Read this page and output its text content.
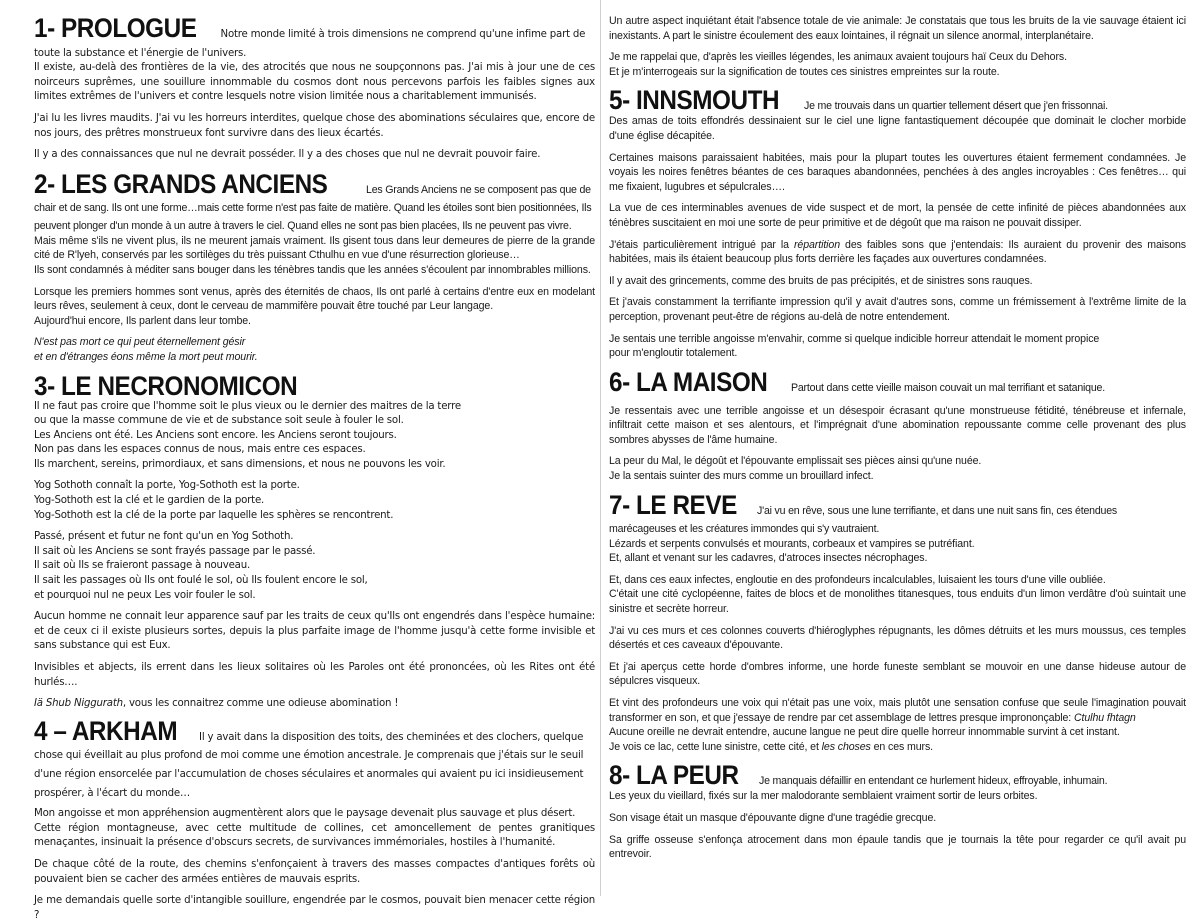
1- PROLOGUE Notre monde limité à trois dimensions ne comprend qu'une infime part de toute la substance et l'énergie de l'univers.

Il existe, au-delà des frontières de la vie, des atrocités que nous ne soupçonnons pas. J'ai mis à jour une de ces noirceurs suprêmes, une souillure innommable du cosmos dont nous percevons parfois les faibles signes aux limites extrêmes de l'univers et contre lesquels notre vision limitée nous a charitablement immunisés.

J'ai lu les livres maudits. J'ai vu les horreurs interdites, quelque chose des abominations séculaires que, encore de nos jours, des prêtres monstrueux font survivre dans des lieux écartés.

Il y a des connaissances que nul ne devrait posséder. Il y a des choses que nul ne devrait pouvoir faire.

2- LES GRANDS ANCIENS	Les Grands Anciens ne se composent pas que de chair et de sang. Ils ont une forme…mais cette forme n'est pas faite de matière. Quand les étoiles sont bien positionnées, Ils peuvent plonger d'un monde à un autre à travers le ciel. Quand elles ne sont pas bien placées, Ils ne peuvent pas vivre.

Mais même s'ils ne vivent plus, ils ne meurent jamais vraiment. Ils gisent tous dans leur demeures de pierre de la grande cité de R'lyeh, conservés par les sortilèges du très puissant Cthulhu en vue d'une résurrection glorieuse…

Ils sont condamnés à méditer sans bouger dans les ténèbres tandis que les années s'écoulent par innombrables millions.

Lorsque les premiers hommes sont venus, après des éternités de chaos, Ils ont parlé à certains d'entre eux en modelant leurs rêves, seulement à ceux, dont le cerveau de mammifère pouvait être touché par Leur langage.

Aujourd'hui encore, Ils parlent dans leur tombe.

N'est pas mort ce qui peut éternellement gésir

et en d'étranges éons même la mort peut mourir.

3- LE NECRONOMICON

Il ne faut pas croire que l'homme soit le plus vieux ou le dernier des maitres de la terre
ou que la masse commune de vie et de substance soit seule à fouler le sol.
Les Anciens ont été. Les Anciens sont encore. les Anciens seront toujours.
Non pas dans les espaces connus de nous, mais entre ces espaces.
Ils marchent, sereins, primordiaux, et sans dimensions, et nous ne pouvons les voir.

Yog Sothoth connaît la porte, Yog-Sothoth est la porte.
Yog-Sothoth est la clé et le gardien de la porte.
Yog-Sothoth est la clé de la porte par laquelle les sphères se rencontrent.

Passé, présent et futur ne font qu'un en Yog Sothoth.
Il sait où les Anciens se sont frayés passage par le passé.
Il sait où Ils se fraieront passage à nouveau.
Il sait les passages où Ils ont foulé le sol, où Ils foulent encore le sol,
et pourquoi nul ne peux Les voir fouler le sol.

Aucun homme ne connait leur apparence sauf par les traits de ceux qu'Ils ont engendrés dans l'espèce humaine: et de ceux ci il existe plusieurs sortes, depuis la plus parfaite image de l'homme jusqu'à cette forme invisible et sans substance qui est Eux.

Invisibles et abjects, ils errent dans les lieux solitaires où les Paroles ont été prononcées, où les Rites ont été hurlés….

Iä Shub Niggurath, vous les connaitrez comme une odieuse abomination !

4 – ARKHAM Il y avait dans la disposition des toits, des cheminées et des clochers, quelque chose qui éveillait au plus profond de moi comme une émotion ancestrale. Je comprenais que j'étais sur le seuil d'une région ensorcelée par l'accumulation de choses séculaires et anormales qui avaient pu ici insidieusement prospérer, à l'écart du monde…

Mon angoisse et mon appréhension augmentèrent alors que le paysage devenait plus sauvage et plus désert.

Cette région montagneuse, avec cette multitude de collines, cet amoncellement de pentes granitiques menaçantes, insinuait la présence d'obscurs secrets, de survivances immémoriales, hostiles à l'humanité.

De chaque côté de la route, des chemins s'enfonçaient à travers des masses compactes d'antiques forêts où pouvaient bien se cacher des armées entières de mauvais esprits.

Je me demandais quelle sorte d'intangible souillure, engendrée par le cosmos, pouvait bien menacer cette région ?

Un autre aspect inquiétant était l'absence totale de vie animale: Je constatais que tous les bruits de la vie sauvage étaient ici inexistants. A part le sinistre écoulement des eaux lointaines, il régnait un silence anormal, interplanétaire.

Je me rappelai que, d'après les vieilles légendes, les animaux avaient toujours haï Ceux du Dehors.

Et je m'interrogeais sur la signification de toutes ces sinistres empreintes sur la route.

5- INNSMOUTH Je me trouvais dans un quartier tellement désert que j'en frissonnai.

Des amas de toits effondrés dessinaient sur le ciel une ligne fantastiquement découpée que dominait le clocher morbide d'une église décapitée.

Certaines maisons paraissaient habitées, mais pour la plupart toutes les ouvertures étaient fermement condamnées. Je voyais les noires fenêtres béantes de ces baraques abandonnées, penchées à des angles incroyables : Ces fenêtres… qui me fixaient, lugubres et sépulcrales….

La vue de ces interminables avenues de vide suspect et de mort, la pensée de cette infinité de pièces abandonnées aux ténèbres suscitaient en moi une sorte de peur primitive et de dégoût que ma raison ne pouvait dissiper.

J'étais particulièrement intrigué par la répartition des faibles sons que j'entendais: Ils auraient du provenir des maisons habitées, mais ils étaient beaucoup plus forts derrière les façades aux ouvertures condamnées.

Il y avait des grincements, comme des bruits de pas précipités, et de sinistres sons rauques.

Et j'avais constamment la terrifiante impression qu'il y avait d'autres sons, comme un frémissement à l'extrême limite de la perception, provenant peut-être de régions au-delà de notre entendement.

Je sentais une terrible angoisse m'envahir, comme si quelque indicible horreur attendait le moment propice

pour m'engloutir totalement.

6- LA MAISON Partout dans cette vieille maison couvait un mal terrifiant et satanique.

Je ressentais avec une terrible angoisse et un désespoir écrasant qu'une monstrueuse fétidité, ténébreuse et infernale, infiltrait cette maison et ses alentours, et l'imprégnait d'une abomination repoussante comme celle provenant des plus sombres abysses de l'âme humaine.

La peur du Mal, le dégoût et l'épouvante emplissait ses pièces ainsi qu'une nuée.

Je la sentais suinter des murs comme un brouillard infect.

7- LE REVE J'ai vu en rêve, sous une lune terrifiante, et dans une nuit sans fin, ces étendues marécageuses et les créatures immondes qui s'y vautraient.

Lézards et serpents convulsés et mourants, corbeaux et vampires se putréfiant.

Et, allant et venant sur les cadavres, d'atroces insectes nécrophages.

Et, dans ces eaux infectes, engloutie en des profondeurs incalculables, luisaient les tours d'une ville oubliée.

C'était une cité cyclopéenne, faites de blocs et de monolithes titanesques, tous enduits d'un limon verdâtre d'où suintait une sinistre et secrète horreur.

J'ai vu ces murs et ces colonnes couverts d'hiéroglyphes répugnants, les dômes détruits et les murs moussus, ces temples désertés et ces caveaux d'épouvante.

Et j'ai aperçus cette horde d'ombres informe, une horde funeste semblant se mouvoir en une danse hideuse autour de sépulcres visqueux.

Et vint des profondeurs une voix qui n'était pas une voix, mais plutôt une sensation confuse que seule l'imagination pouvait transformer en son, et que j'essaye de rendre par cet assemblage de lettres presque imprononçable: Ctulhu fhtagn

Aucune oreille ne devrait entendre, aucune langue ne peut dire quelle horreur innommable survint à cet instant.

Je vois ce lac, cette lune sinistre, cette cité, et les choses en ces murs.

8- LA PEUR Je manquais défaillir en entendant ce hurlement hideux, effroyable, inhumain.

Les yeux du vieillard, fixés sur la mer malodorante semblaient vraiment sortir de leurs orbites.

Son visage était un masque d'épouvante digne d'une tragédie grecque.

Sa griffe osseuse s'enfonça atrocement dans mon épaule tandis que je tournais la tête pour regarder ce qu'il avait pu entrevoir.
